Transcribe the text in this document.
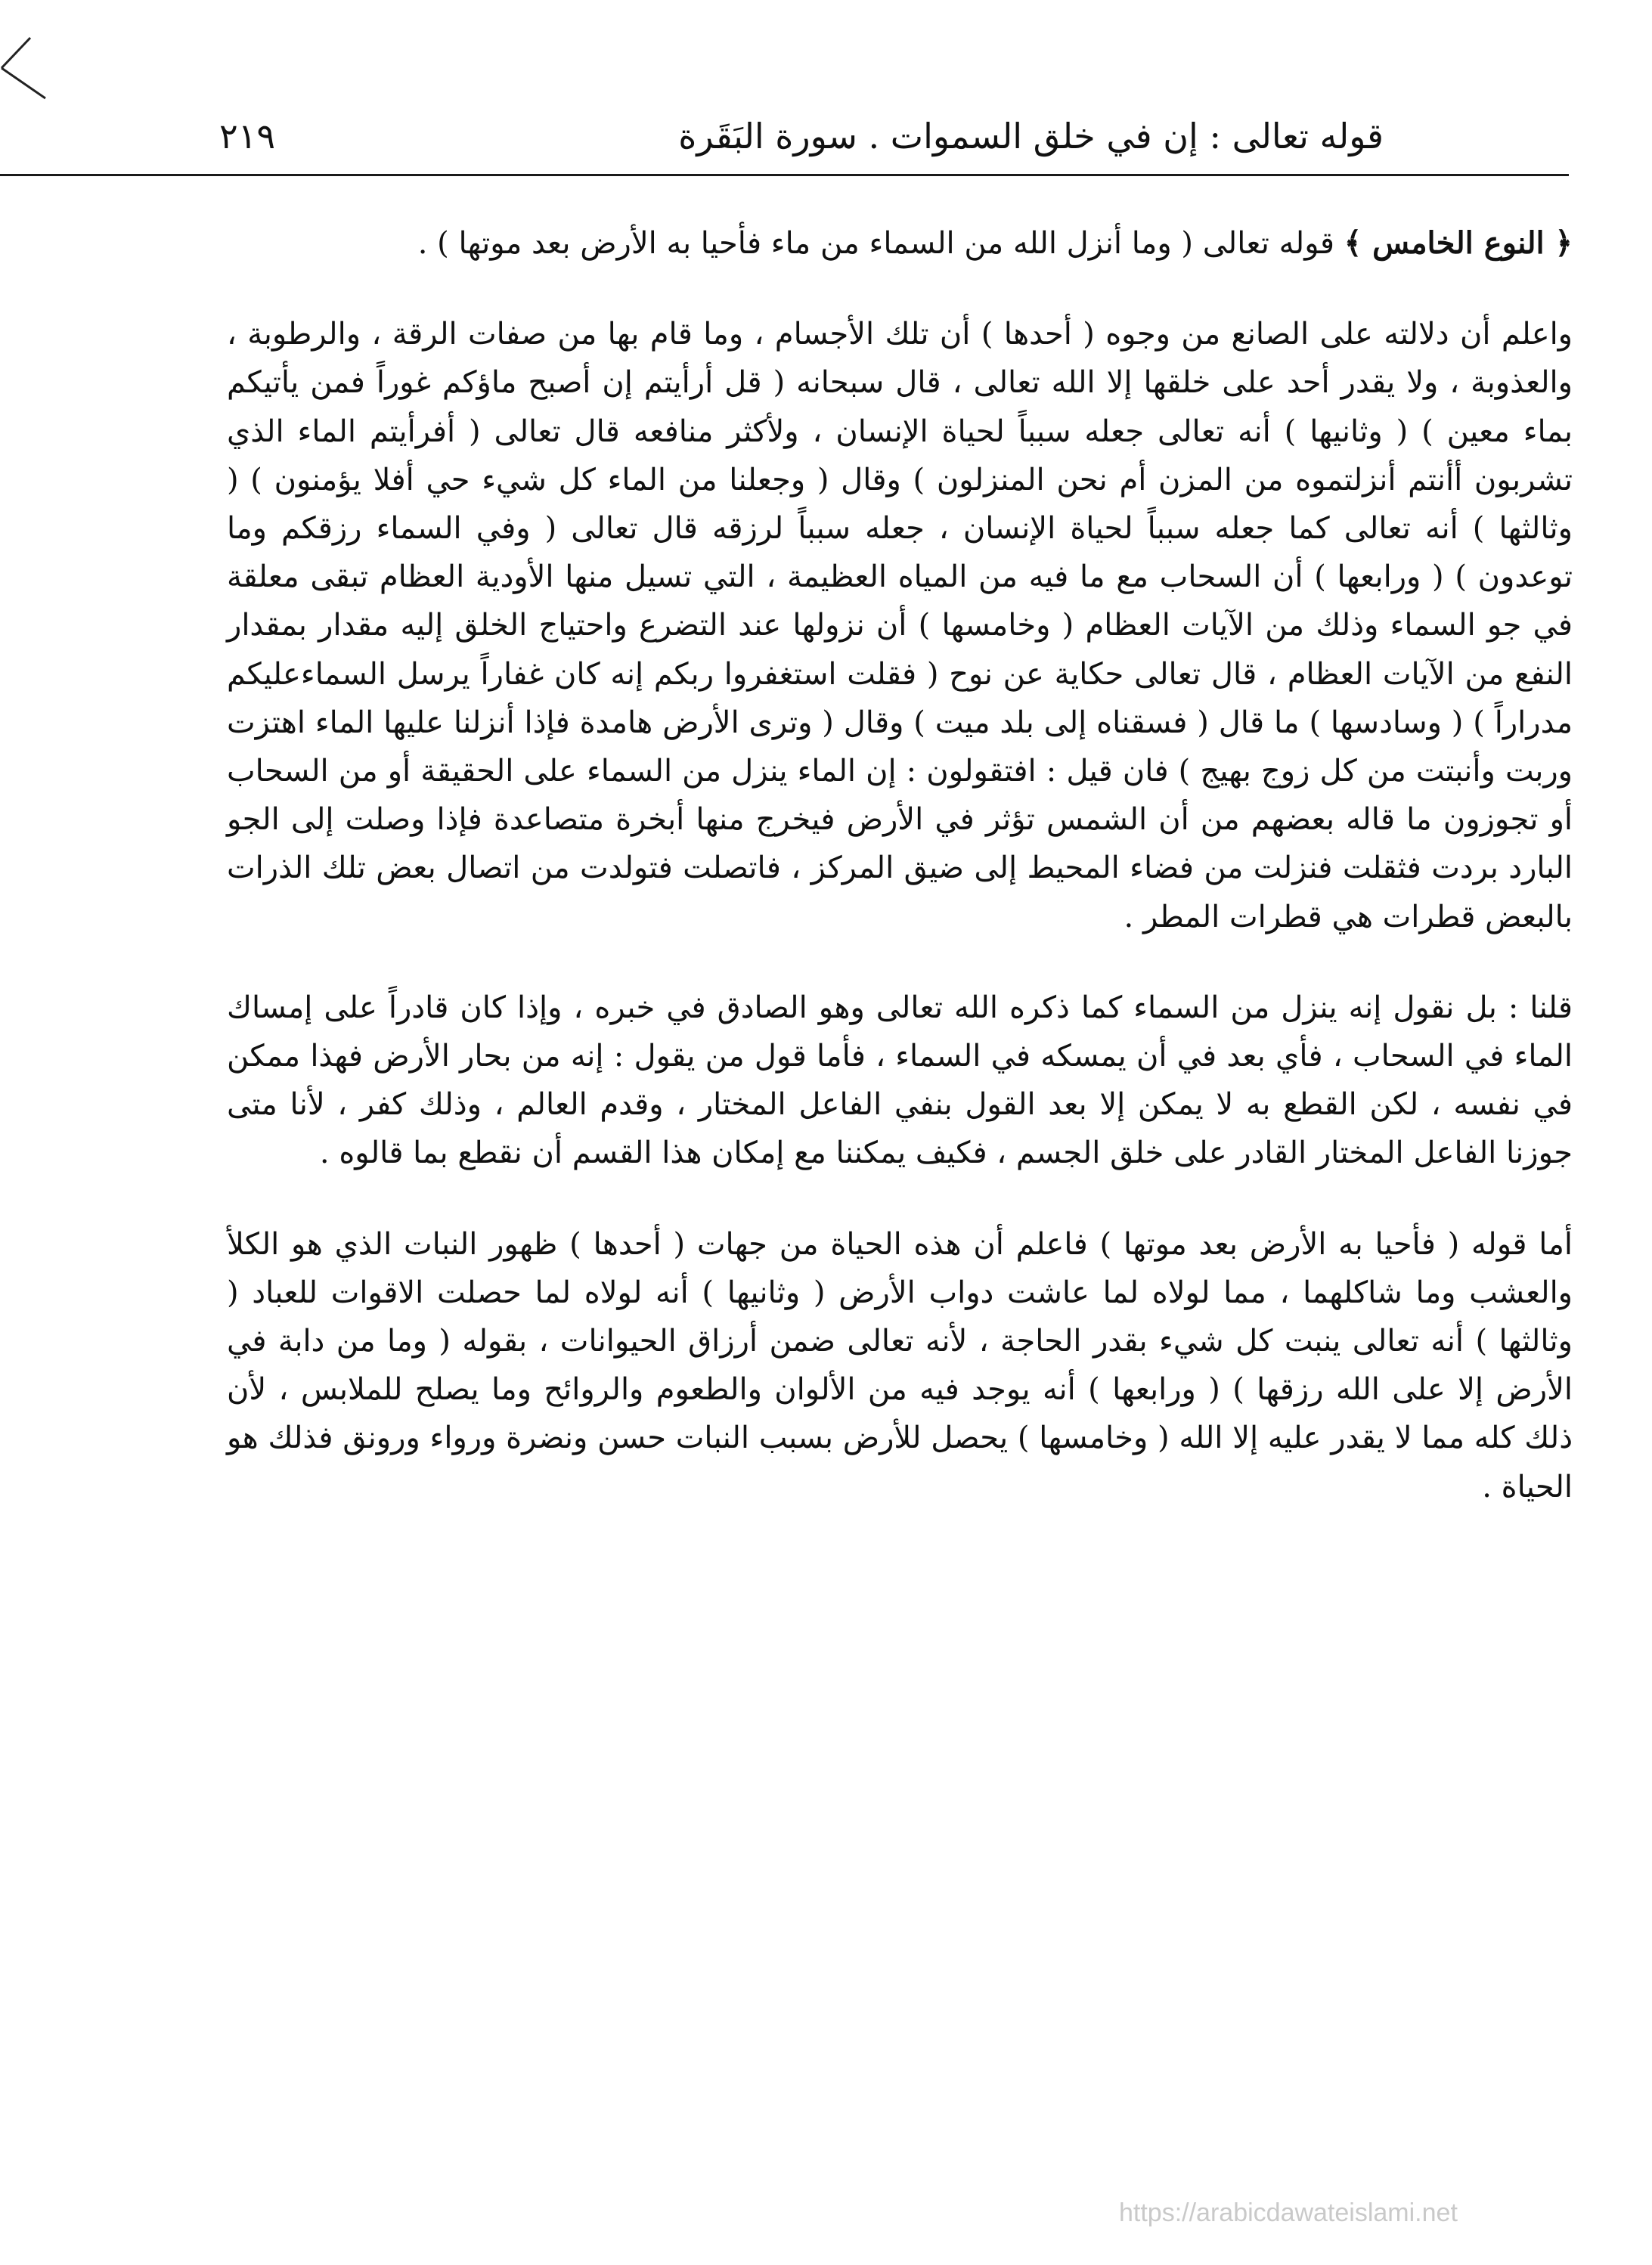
قوله تعالى : إن في خلق السموات . سورة البَقَرة
٢١٩

﴿ النوع الخامس ﴾ قوله تعالى ( وما أنزل الله من السماء من ماء فأحيا به الأرض بعد موتها ) .

واعلم أن دلالته على الصانع من وجوه ( أحدها ) أن تلك الأجسام ، وما قام بها من صفات الرقة ، والرطوبة ، والعذوبة ، ولا يقدر أحد على خلقها إلا الله تعالى ، قال سبحانه ( قل أرأيتم إن أصبح ماؤكم غوراً فمن يأتيكم بماء معين ) ( وثانيها ) أنه تعالى جعله سبباً لحياة الإنسان ، ولأكثر منافعه قال تعالى ( أفرأيتم الماء الذي تشربون أأنتم أنزلتموه من المزن أم نحن المنزلون ) وقال ( وجعلنا من الماء كل شيء حي أفلا يؤمنون ) ( وثالثها ) أنه تعالى كما جعله سبباً لحياة الإنسان ، جعله سبباً لرزقه قال تعالى ( وفي السماء رزقكم وما توعدون ) ( ورابعها ) أن السحاب مع ما فيه من المياه العظيمة ، التي تسيل منها الأودية العظام تبقى معلقة في جو السماء وذلك من الآيات العظام ( وخامسها ) أن نزولها عند التضرع واحتياج الخلق إليه مقدار بمقدار النفع من الآيات العظام ، قال تعالى حكاية عن نوح ( فقلت استغفروا ربكم إنه كان غفاراً يرسل السماءعليكم مدراراً ) ( وسادسها ) ما قال ( فسقناه إلى بلد ميت ) وقال ( وترى الأرض هامدة فإذا أنزلنا عليها الماء اهتزت وربت وأنبتت من كل زوج بهيج ) فان قيل : افتقولون : إن الماء ينزل من السماء على الحقيقة أو من السحاب أو تجوزون ما قاله بعضهم من أن الشمس تؤثر في الأرض فيخرج منها أبخرة متصاعدة فإذا وصلت إلى الجو البارد بردت فثقلت فنزلت من فضاء المحيط إلى ضيق المركز ، فاتصلت فتولدت من اتصال بعض تلك الذرات بالبعض قطرات هي قطرات المطر .

قلنا : بل نقول إنه ينزل من السماء كما ذكره الله تعالى وهو الصادق في خبره ، وإذا كان قادراً على إمساك الماء في السحاب ، فأي بعد في أن يمسكه في السماء ، فأما قول من يقول : إنه من بحار الأرض فهذا ممكن في نفسه ، لكن القطع به لا يمكن إلا بعد القول بنفي الفاعل المختار ، وقدم العالم ، وذلك كفر ، لأنا متى جوزنا الفاعل المختار القادر على خلق الجسم ، فكيف يمكننا مع إمكان هذا القسم أن نقطع بما قالوه .

أما قوله ( فأحيا به الأرض بعد موتها ) فاعلم أن هذه الحياة من جهات ( أحدها ) ظهور النبات الذي هو الكلأ والعشب وما شاكلهما ، مما لولاه لما عاشت دواب الأرض ( وثانيها ) أنه لولاه لما حصلت الاقوات للعباد ( وثالثها ) أنه تعالى ينبت كل شيء بقدر الحاجة ، لأنه تعالى ضمن أرزاق الحيوانات ، بقوله ( وما من دابة في الأرض إلا على الله رزقها ) ( ورابعها ) أنه يوجد فيه من الألوان والطعوم والروائح وما يصلح للملابس ، لأن ذلك كله مما لا يقدر عليه إلا الله ( وخامسها ) يحصل للأرض بسبب النبات حسن ونضرة ورواء ورونق فذلك هو الحياة .

https://arabicdawateislami.net
